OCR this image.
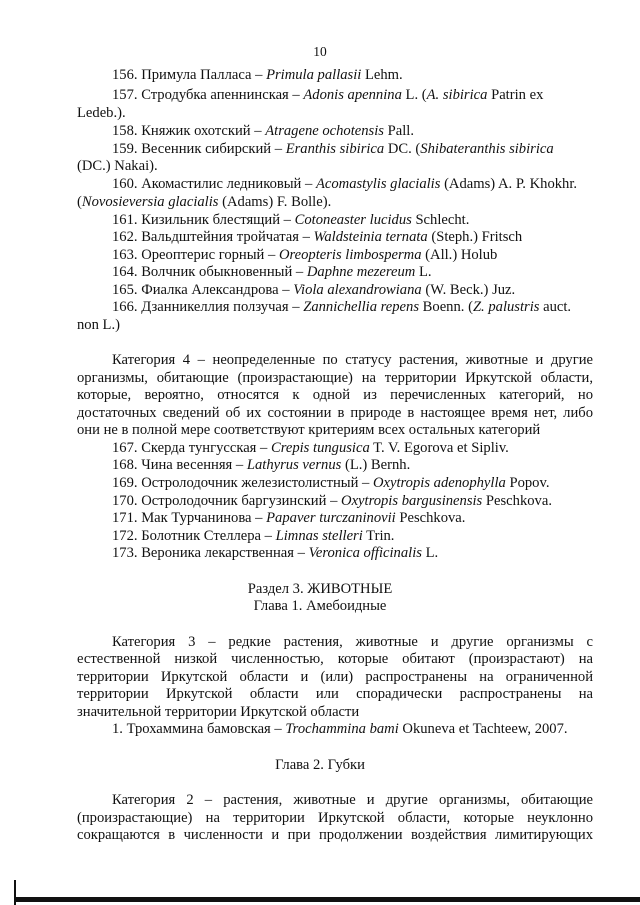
10
156. Примула Палласа – Primula pallasii Lehm.
157. Стродубка апеннинская – Adonis apennina L. (A. sibirica Patrin ex
Ledeb.).
158. Княжик охотский – Atragene ochotensis Pall.
159. Весенник сибирский – Eranthis sibirica DC. (Shibateranthis sibirica
(DC.) Nakai).
160. Акомастилис ледниковый – Acomastylis glacialis (Adams) A. P. Khokhr.
(Novosieversia glacialis (Adams) F. Bolle).
161. Кизильник блестящий – Cotoneaster lucidus Schlecht.
162. Вальдштейния тройчатая – Waldsteinia ternata (Steph.) Fritsch
163. Ореоптерис горный – Oreopteris limbosperma (All.) Holub
164. Волчник обыкновенный – Daphne mezereum L.
165. Фиалка Александрова – Viola alexandrowiana (W. Beck.) Juz.
166. Дзанникеллия ползучая – Zannichellia repens Boenn. (Z. palustris auct.
non L.)
Категория 4 – неопределенные по статусу растения, животные и другие
организмы, обитающие (произрастающие) на территории Иркутской области,
которые, вероятно, относятся к одной из перечисленных категорий, но
достаточных сведений об их состоянии в природе в настоящее время нет, либо
они не в полной мере соответствуют критериям всех остальных категорий
167. Скерда тунгусская – Crepis tungusica T. V. Egorova et Sipliv.
168. Чина весенняя – Lathyrus vernus (L.) Bernh.
169. Остролодочник железистолистный – Oxytropis adenophylla Popov.
170. Остролодочник баргузинский – Oxytropis bargusinensis Peschkova.
171. Мак Турчанинова – Papaver turczaninovii Peschkova.
172. Болотник Стеллера – Limnas stelleri Trin.
173. Вероника лекарственная – Veronica officinalis L.
Раздел 3. ЖИВОТНЫЕ
Глава 1. Амебоидные
Категория 3 – редкие растения, животные и другие организмы с
естественной низкой численностью, которые обитают (произрастают) на
территории Иркутской области и (или) распространены на ограниченной
территории Иркутской области или спорадически распространены на
значительной территории Иркутской области
1. Трохаммина бамовская – Trochammina bami Okuneva et Tachteew, 2007.
Глава 2. Губки
Категория 2 – растения, животные и другие организмы, обитающие
(произрастающие) на территории Иркутской области, которые неуклонно
сокращаются в численности и при продолжении воздействия лимитирующих
